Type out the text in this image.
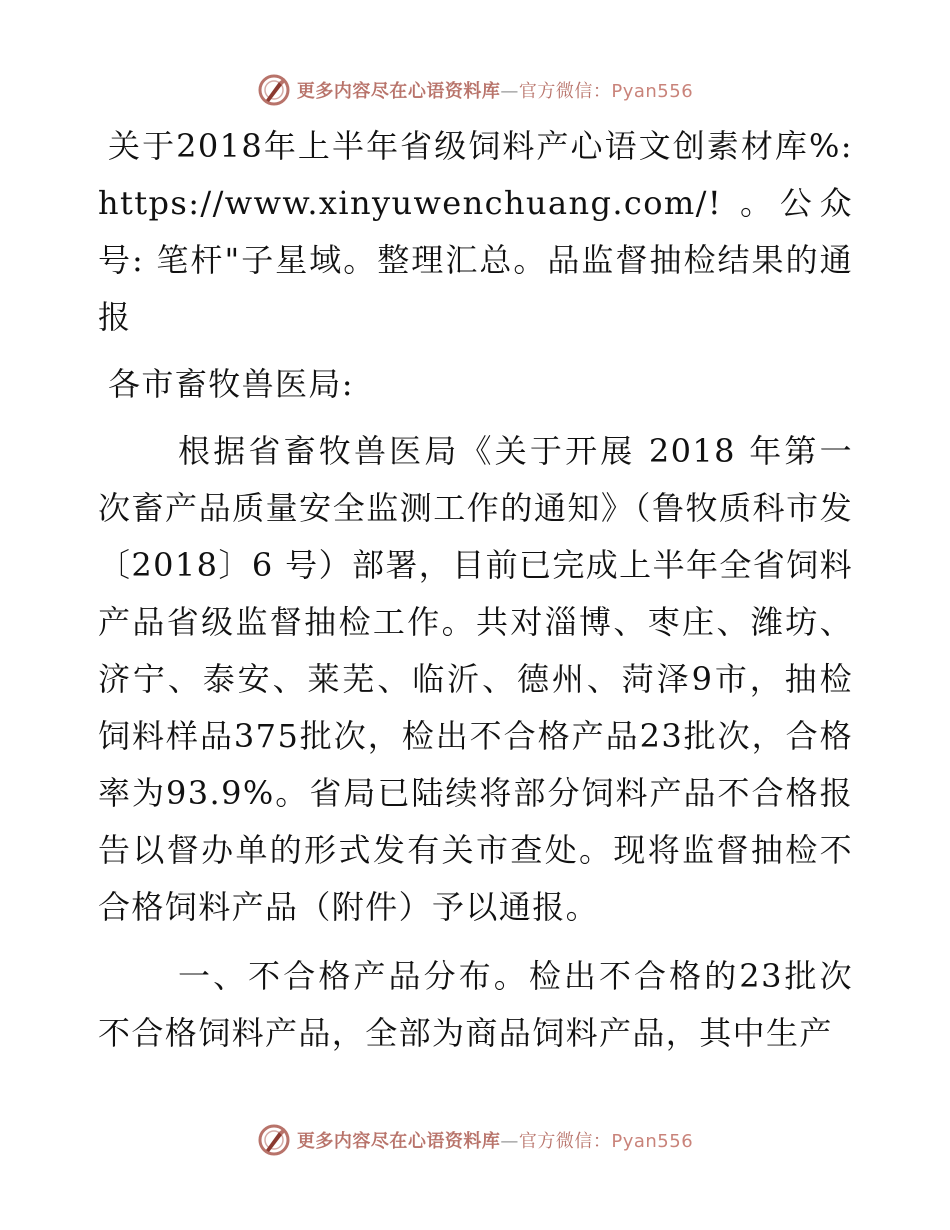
更多内容尽在心语资料库—官方微信：Pyan556

关于2018年上半年省级饲料产心语文创素材库%: https://www.xinyuwenchuang.com/! 。公众号: 笔杆"子星域。整理汇总。品监督抽检结果的通报

各市畜牧兽医局:

根据省畜牧兽医局《关于开展 2018 年第一次畜产品质量安全监测工作的通知》（鲁牧质科市发〔2018〕6 号）部署，目前已完成上半年全省饲料产品省级监督抽检工作。共对淄博、枣庄、潍坊、济宁、泰安、莱芜、临沂、德州、菏泽9市，抽检饲料样品375批次，检出不合格产品23批次，合格率为93.9%。省局已陆续将部分饲料产品不合格报告以督办单的形式发有关市查处。现将监督抽检不合格饲料产品（附件）予以通报。

一、不合格产品分布。检出不合格的23批次不合格饲料产品，全部为商品饲料产品，其中生产

更多内容尽在心语资料库—官方微信：Pyan556
